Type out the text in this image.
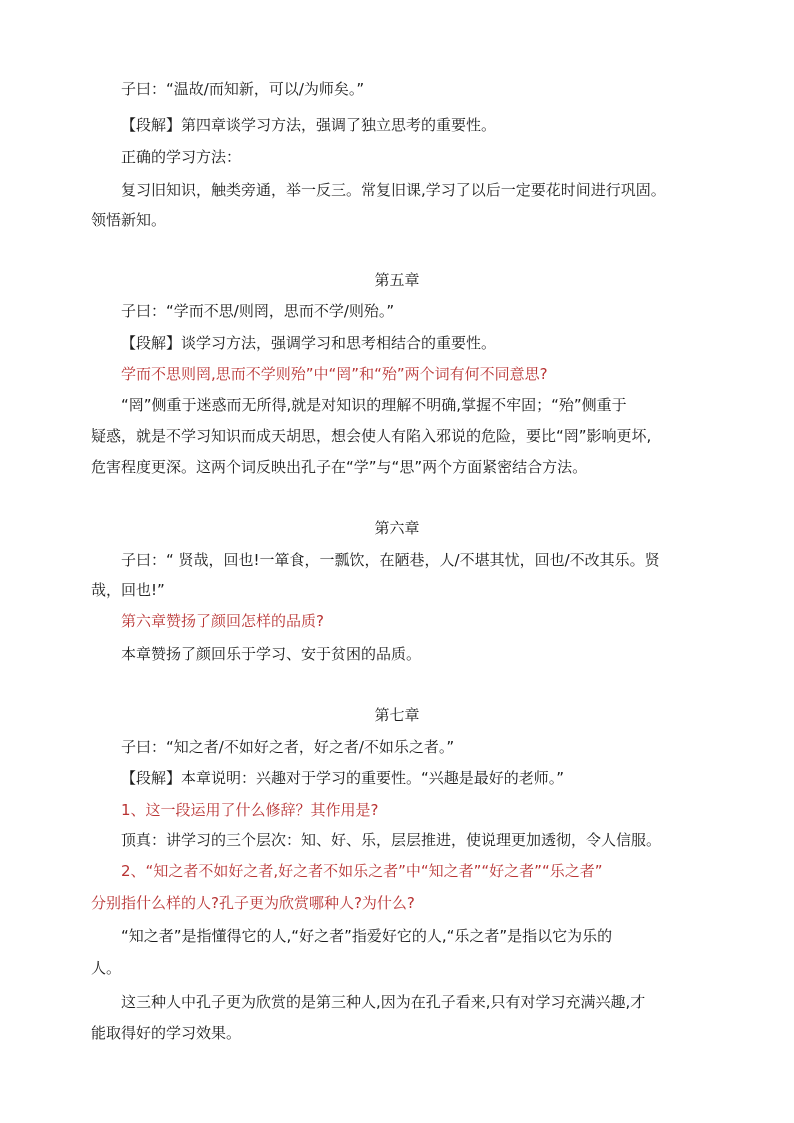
子曰：“温故/而知新，可以/为师矣。”
【段解】第四章谈学习方法，强调了独立思考的重要性。
正确的学习方法：
复习旧知识，触类旁通，举一反三。常复旧课,学习了以后一定要花时间进行巩固。
领悟新知。
第五章
子曰：“学而不思/则罔，思而不学/则殆。”
【段解】谈学习方法，强调学习和思考相结合的重要性。
学而不思则罔,思而不学则殆”中“罔”和“殆”两个词有何不同意思?
“罔”侧重于迷惑而无所得,就是对知识的理解不明确,掌握不牢固；“殆”侧重于
疑惑，就是不学习知识而成天胡思，想会使人有陷入邪说的危险，要比“罔”影响更坏,
危害程度更深。这两个词反映出孔子在“学”与“思”两个方面紧密结合方法。
第六章
子曰：“ 贤哉，回也!一箪食，一瓢饮，在陋巷，人/不堪其忧，回也/不改其乐。贤
哉，回也!”
第六章赞扬了颜回怎样的品质?
本章赞扬了颜回乐于学习、安于贫困的品质。
第七章
子曰：“知之者/不如好之者，好之者/不如乐之者。”
【段解】本章说明：兴趣对于学习的重要性。“兴趣是最好的老师。”
1、这一段运用了什么修辞？其作用是?
顶真：讲学习的三个层次：知、好、乐，层层推进，使说理更加透彻，令人信服。
2、“知之者不如好之者,好之者不如乐之者”中“知之者”“好之者”“乐之者”
分别指什么样的人?孔子更为欣赏哪种人?为什么?
“知之者”是指懂得它的人,“好之者”指爱好它的人,“乐之者”是指以它为乐的
人。
这三种人中孔子更为欣赏的是第三种人,因为在孔子看来,只有对学习充满兴趣,才
能取得好的学习效果。
